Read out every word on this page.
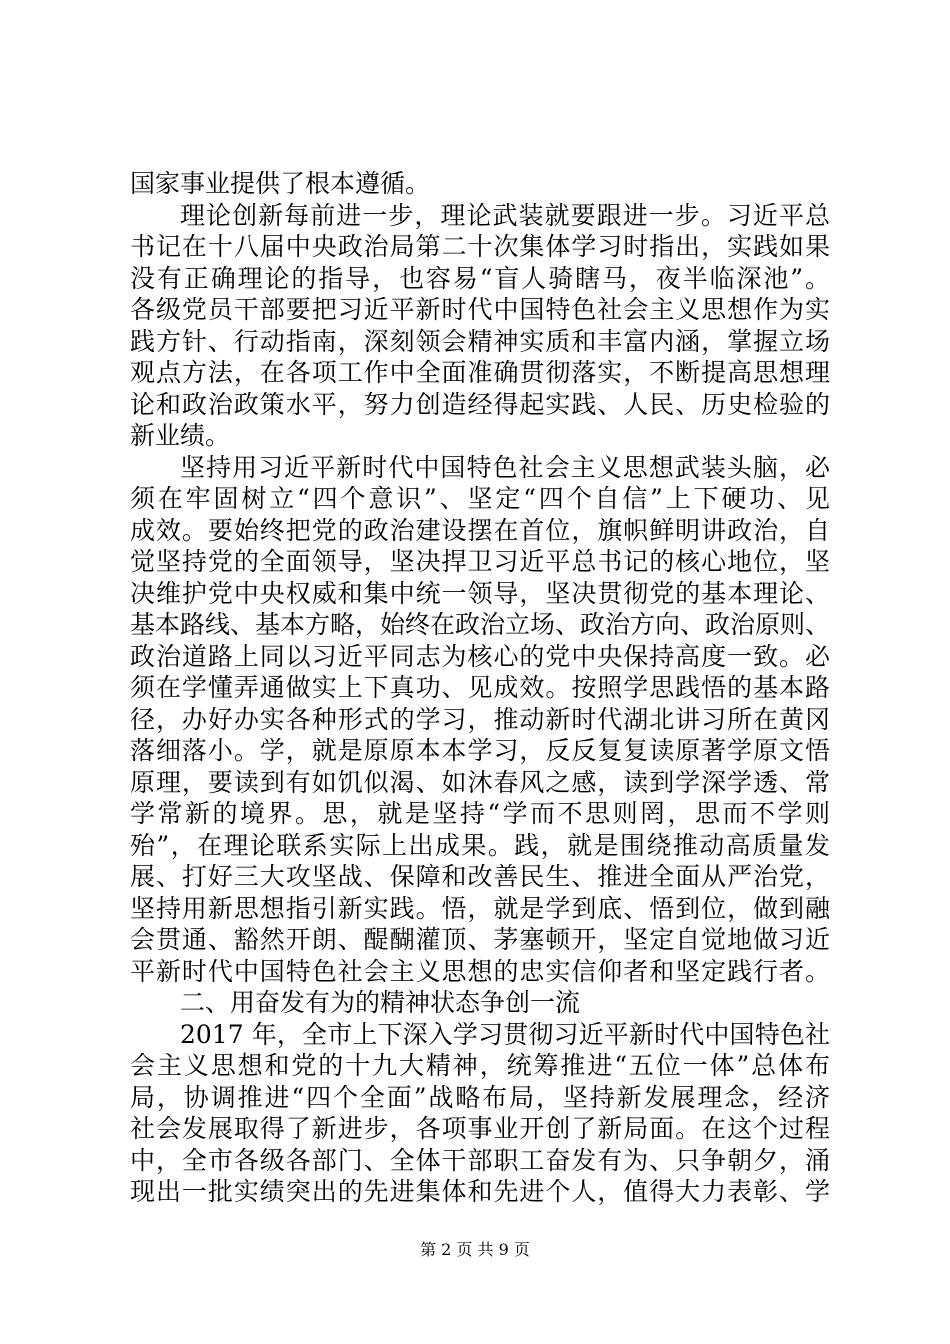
国家事业提供了根本遵循。
理论创新每前进一步，理论武装就要跟进一步。习近平总
书记在十八届中央政治局第二十次集体学习时指出，实践如果
没有正确理论的指导，也容易“盲人骑瞎马，夜半临深池”。
各级党员干部要把习近平新时代中国特色社会主义思想作为实
践方针、行动指南，深刻领会精神实质和丰富内涵，掌握立场
观点方法，在各项工作中全面准确贯彻落实，不断提高思想理
论和政治政策水平，努力创造经得起实践、人民、历史检验的
新业绩。
坚持用习近平新时代中国特色社会主义思想武装头脑，必
须在牢固树立“四个意识”、坚定“四个自信”上下硬功、见
成效。要始终把党的政治建设摆在首位，旗帜鲜明讲政治，自
觉坚持党的全面领导，坚决捍卫习近平总书记的核心地位，坚
决维护党中央权威和集中统一领导，坚决贯彻党的基本理论、
基本路线、基本方略，始终在政治立场、政治方向、政治原则、
政治道路上同以习近平同志为核心的党中央保持高度一致。必
须在学懂弄通做实上下真功、见成效。按照学思践悟的基本路
径，办好办实各种形式的学习，推动新时代湖北讲习所在黄冈
落细落小。学，就是原原本本学习，反反复复读原著学原文悟
原理，要读到有如饥似渴、如沐春风之感，读到学深学透、常
学常新的境界。思，就是坚持“学而不思则罔，思而不学则
殆”，在理论联系实际上出成果。践，就是围绕推动高质量发
展、打好三大攻坚战、保障和改善民生、推进全面从严治党，
坚持用新思想指引新实践。悟，就是学到底、悟到位，做到融
会贯通、豁然开朗、醍醐灌顶、茅塞顿开，坚定自觉地做习近
平新时代中国特色社会主义思想的忠实信仰者和坚定践行者。
二、用奋发有为的精神状态争创一流
2017 年，全市上下深入学习贯彻习近平新时代中国特色社
会主义思想和党的十九大精神，统筹推进“五位一体”总体布
局，协调推进“四个全面”战略布局，坚持新发展理念，经济
社会发展取得了新进步，各项事业开创了新局面。在这个过程
中，全市各级各部门、全体干部职工奋发有为、只争朝夕，涌
现出一批实绩突出的先进集体和先进个人，值得大力表彰、学
第 2 页 共 9 页
